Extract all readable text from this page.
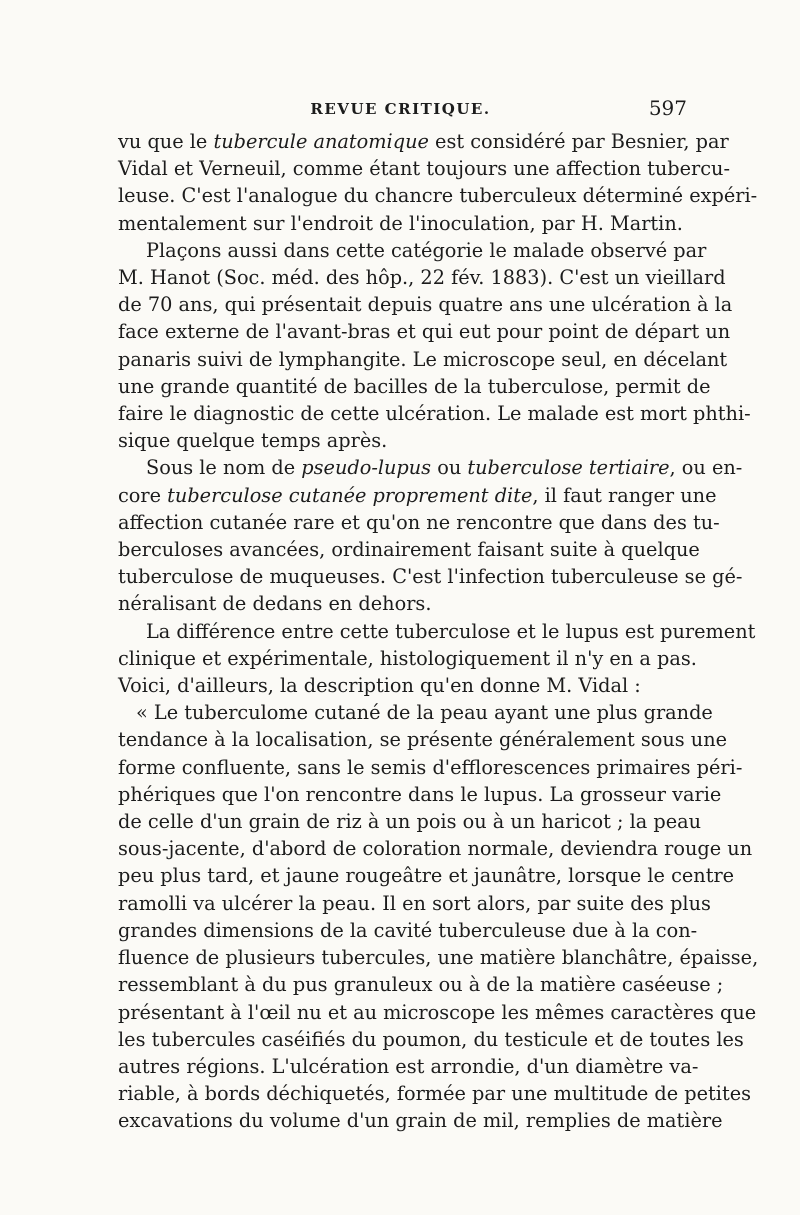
REVUE CRITIQUE.	597
vu que le tubercule anatomique est considéré par Besnier, par
Vidal et Verneuil, comme étant toujours une affection tubercu-
leuse. C'est l'analogue du chancre tuberculeux déterminé expéri-
mentalement sur l'endroit de l'inoculation, par H. Martin.
Plaçons aussi dans cette catégorie le malade observé par
M. Hanot (Soc. méd. des hôp., 22 fév. 1883). C'est un vieillard
de 70 ans, qui présentait depuis quatre ans une ulcération à la
face externe de l'avant-bras et qui eut pour point de départ un
panaris suivi de lymphangite. Le microscope seul, en décelant
une grande quantité de bacilles de la tuberculose, permit de
faire le diagnostic de cette ulcération. Le malade est mort phthi-
sique quelque temps après.
Sous le nom de pseudo-lupus ou tuberculose tertiaire, ou en-
core tuberculose cutanée proprement dite, il faut ranger une
affection cutanée rare et qu'on ne rencontre que dans des tu-
berculoses avancées, ordinairement faisant suite à quelque
tuberculose de muqueuses. C'est l'infection tuberculeuse se gé-
néralisant de dedans en dehors.
La différence entre cette tuberculose et le lupus est purement
clinique et expérimentale, histologiquement il n'y en a pas.
Voici, d'ailleurs, la description qu'en donne M. Vidal :
« Le tuberculome cutané de la peau ayant une plus grande
tendance à la localisation, se présente généralement sous une
forme confluente, sans le semis d'efflorescences primaires péri-
phériques que l'on rencontre dans le lupus. La grosseur varie
de celle d'un grain de riz à un pois ou à un haricot ; la peau
sous-jacente, d'abord de coloration normale, deviendra rouge un
peu plus tard, et jaune rougeâtre et jaunâtre, lorsque le centre
ramolli va ulcérer la peau. Il en sort alors, par suite des plus
grandes dimensions de la cavité tuberculeuse due à la con-
fluence de plusieurs tubercules, une matière blanchâtre, épaisse,
ressemblant à du pus granuleux ou à de la matière caséeuse ;
présentant à l'œil nu et au microscope les mêmes caractères que
les tubercules caséifiés du poumon, du testicule et de toutes les
autres régions. L'ulcération est arrondie, d'un diamètre va-
riable, à bords déchiquetés, formée par une multitude de petites
excavations du volume d'un grain de mil, remplies de matière
